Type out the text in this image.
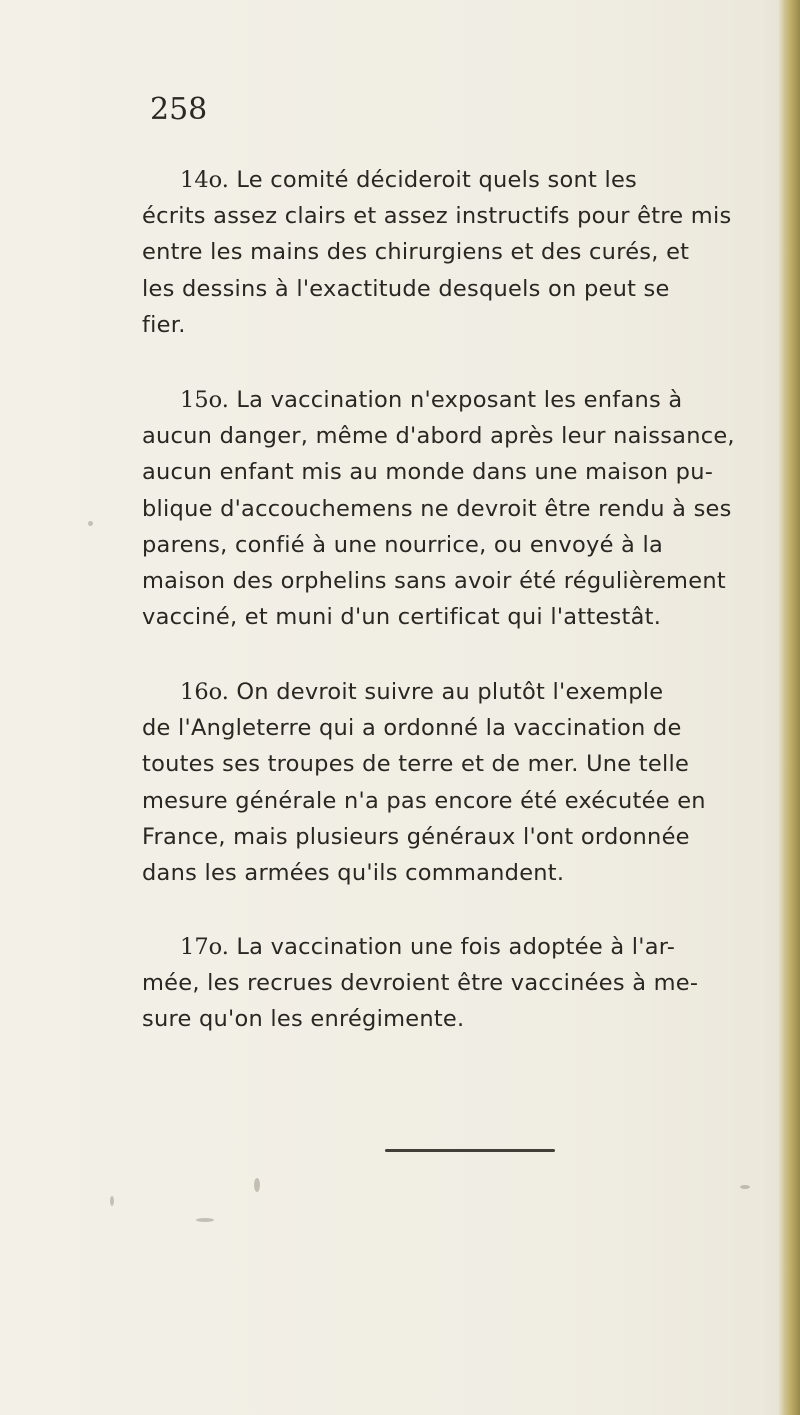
258

14o. Le comité décideroit quels sont les
écrits assez clairs et assez instructifs pour être mis
entre les mains des chirurgiens et des curés, et
les dessins à l'exactitude desquels on peut se
fier.

15o. La vaccination n'exposant les enfans à
aucun danger, même d'abord après leur naissance,
aucun enfant mis au monde dans une maison pu-
blique d'accouchemens ne devroit être rendu à ses
parens, confié à une nourrice, ou envoyé à la
maison des orphelins sans avoir été régulièrement
vacciné, et muni d'un certificat qui l'attestât.

16o. On devroit suivre au plutôt l'exemple
de l'Angleterre qui a ordonné la vaccination de
toutes ses troupes de terre et de mer. Une telle
mesure générale n'a pas encore été exécutée en
France, mais plusieurs généraux l'ont ordonnée
dans les armées qu'ils commandent.

17o. La vaccination une fois adoptée à l'ar-
mée, les recrues devroient être vaccinées à me-
sure qu'on les enrégimente.
